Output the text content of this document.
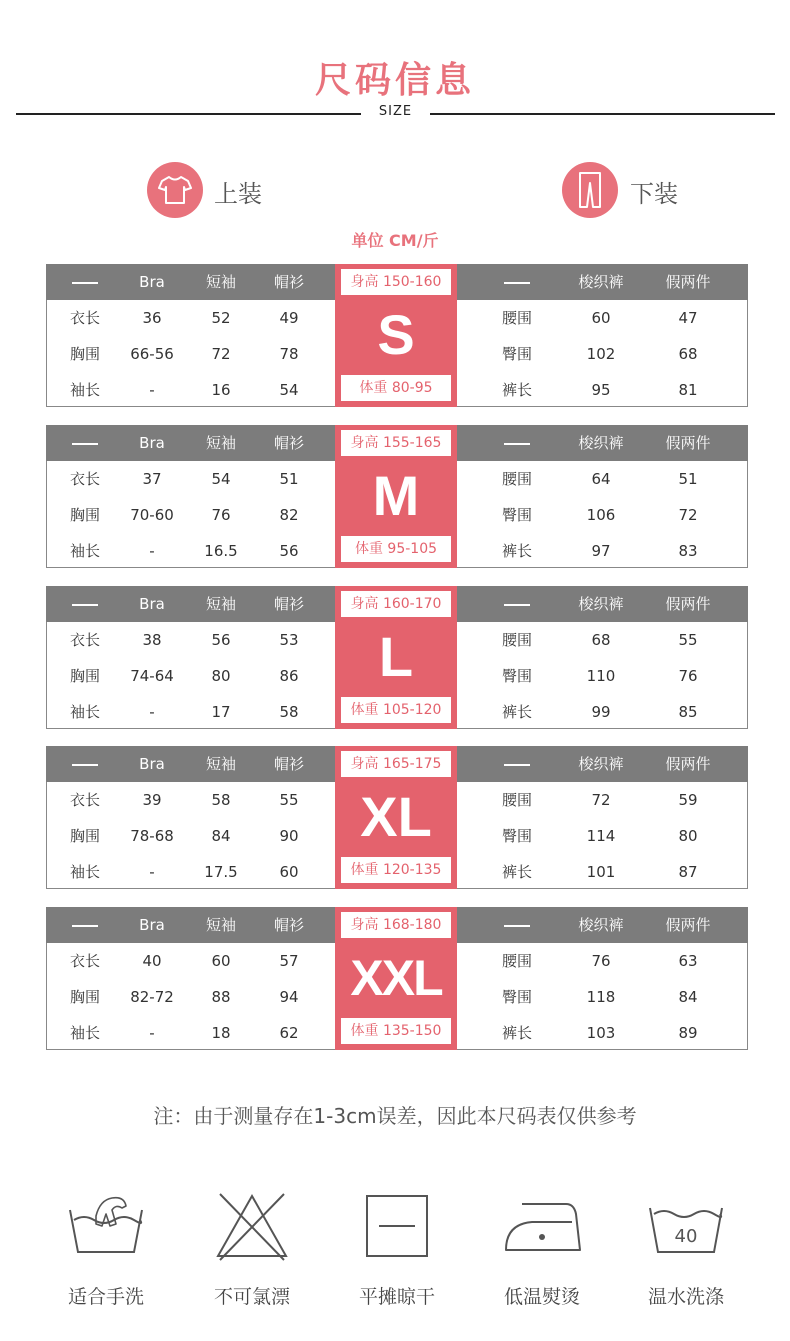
尺码信息
SIZE
上装	下装
单位 CM/斤
Bra	短袖	帽衫	梭织裤	假两件
衣长	36	52	49
胸围	66-56	72	78
袖长	-	16	54
腰围	60	47
臀围	102	68
裤长	95	81
身高 150-160
S
体重 80-95
Bra	短袖	帽衫	梭织裤	假两件
衣长	37	54	51
胸围	70-60	76	82
袖长	-	16.5	56
腰围	64	51
臀围	106	72
裤长	97	83
身高 155-165
M
体重 95-105
Bra	短袖	帽衫	梭织裤	假两件
衣长	38	56	53
胸围	74-64	80	86
袖长	-	17	58
腰围	68	55
臀围	110	76
裤长	99	85
身高 160-170
L
体重 105-120
Bra	短袖	帽衫	梭织裤	假两件
衣长	39	58	55
胸围	78-68	84	90
袖长	-	17.5	60
腰围	72	59
臀围	114	80
裤长	101	87
身高 165-175
XL
体重 120-135
Bra	短袖	帽衫	梭织裤	假两件
衣长	40	60	57
胸围	82-72	88	94
袖长	-	18	62
腰围	76	63
臀围	118	84
裤长	103	89
身高 168-180
XXL
体重 135-150
注：由于测量存在1-3cm误差，因此本尺码表仅供参考
适合手洗	不可氯漂	平摊晾干	低温熨烫
40
温水洗涤
